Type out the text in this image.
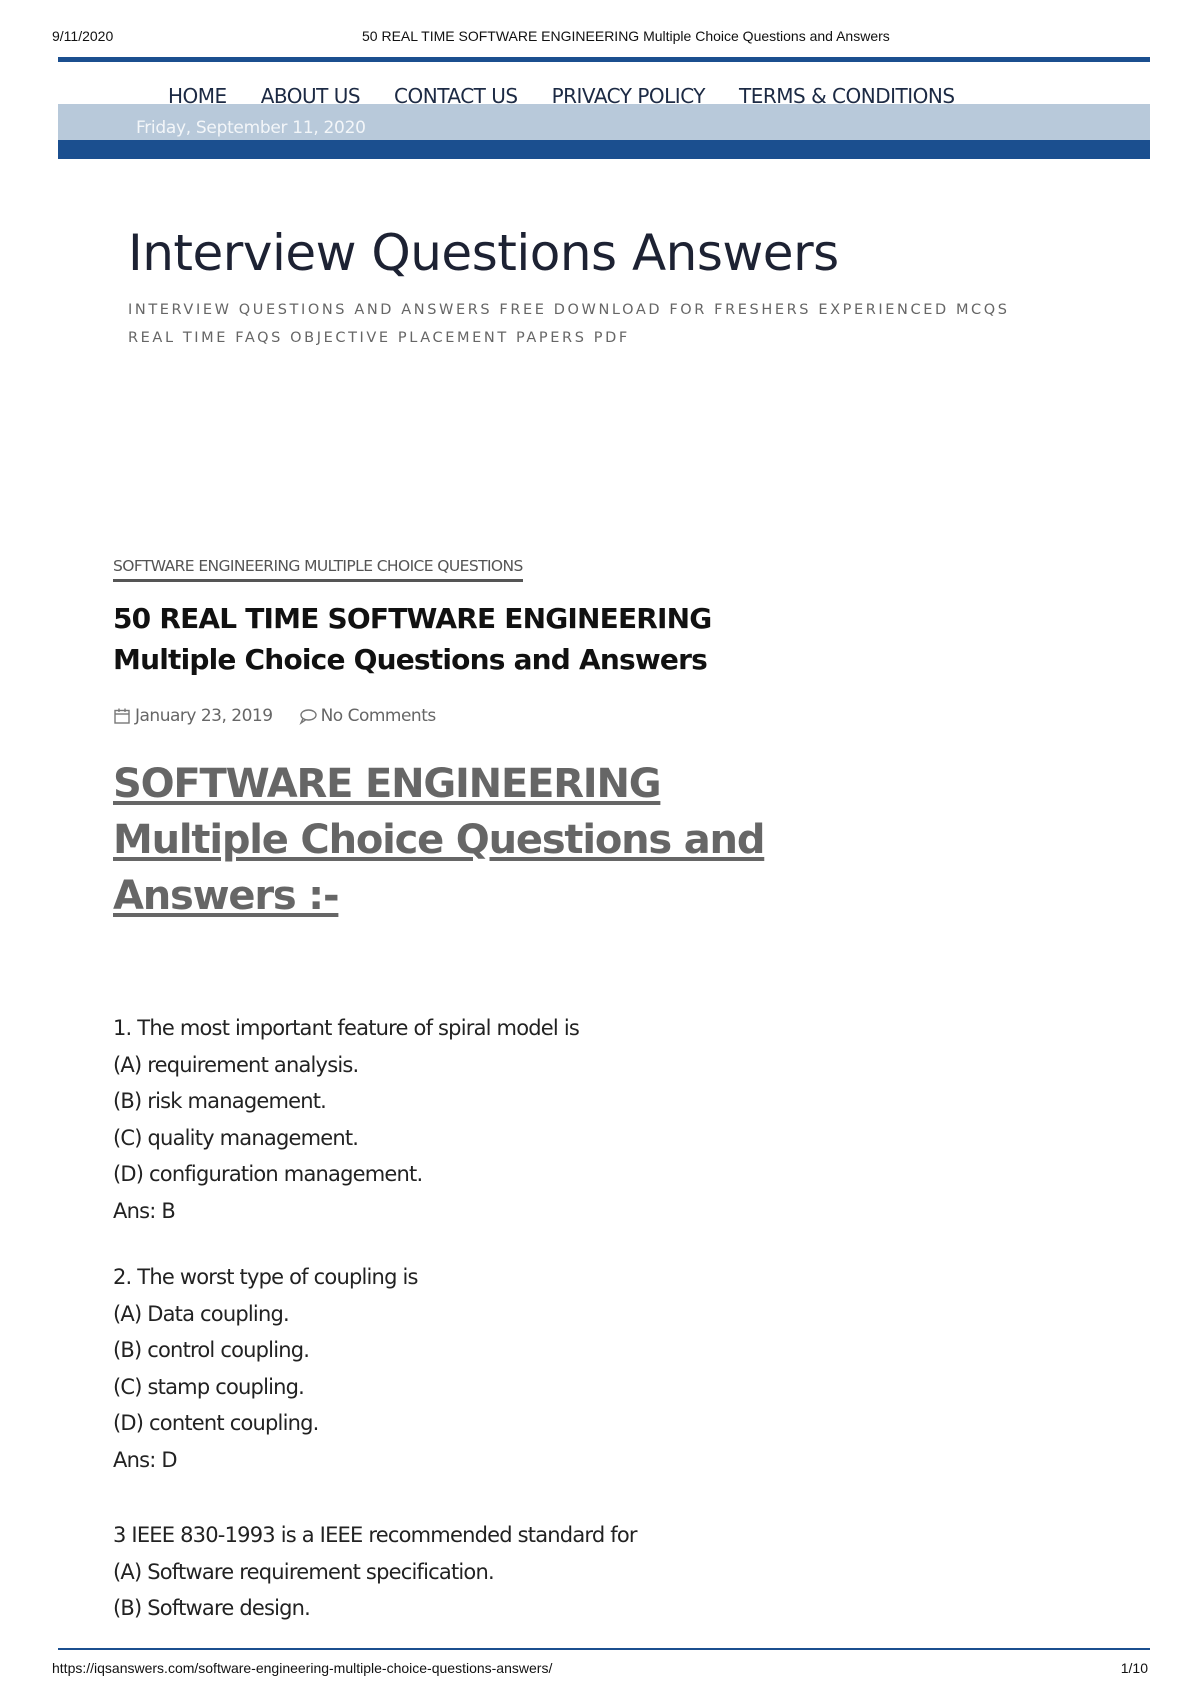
9/11/2020	50 REAL TIME SOFTWARE ENGINEERING Multiple Choice Questions and Answers
HOME ABOUT US CONTACT US PRIVACY POLICY TERMS & CONDITIONS
Friday, September 11, 2020
Interview Questions Answers
INTERVIEW QUESTIONS AND ANSWERS FREE DOWNLOAD FOR FRESHERS EXPERIENCED MCQS REAL TIME FAQS OBJECTIVE PLACEMENT PAPERS PDF
SOFTWARE ENGINEERING MULTIPLE CHOICE QUESTIONS
50 REAL TIME SOFTWARE ENGINEERING
Multiple Choice Questions and Answers
January 23, 2019	No Comments
SOFTWARE ENGINEERING
Multiple Choice Questions and
Answers :-
1. The most important feature of spiral model is
(A) requirement analysis.
(B) risk management.
(C) quality management.
(D) configuration management.
Ans: B
2. The worst type of coupling is
(A) Data coupling.
(B) control coupling.
(C) stamp coupling.
(D) content coupling.
Ans: D
3 IEEE 830-1993 is a IEEE recommended standard for
(A) Software requirement specification.
(B) Software design.
https://iqsanswers.com/software-engineering-multiple-choice-questions-answers/	1/10
